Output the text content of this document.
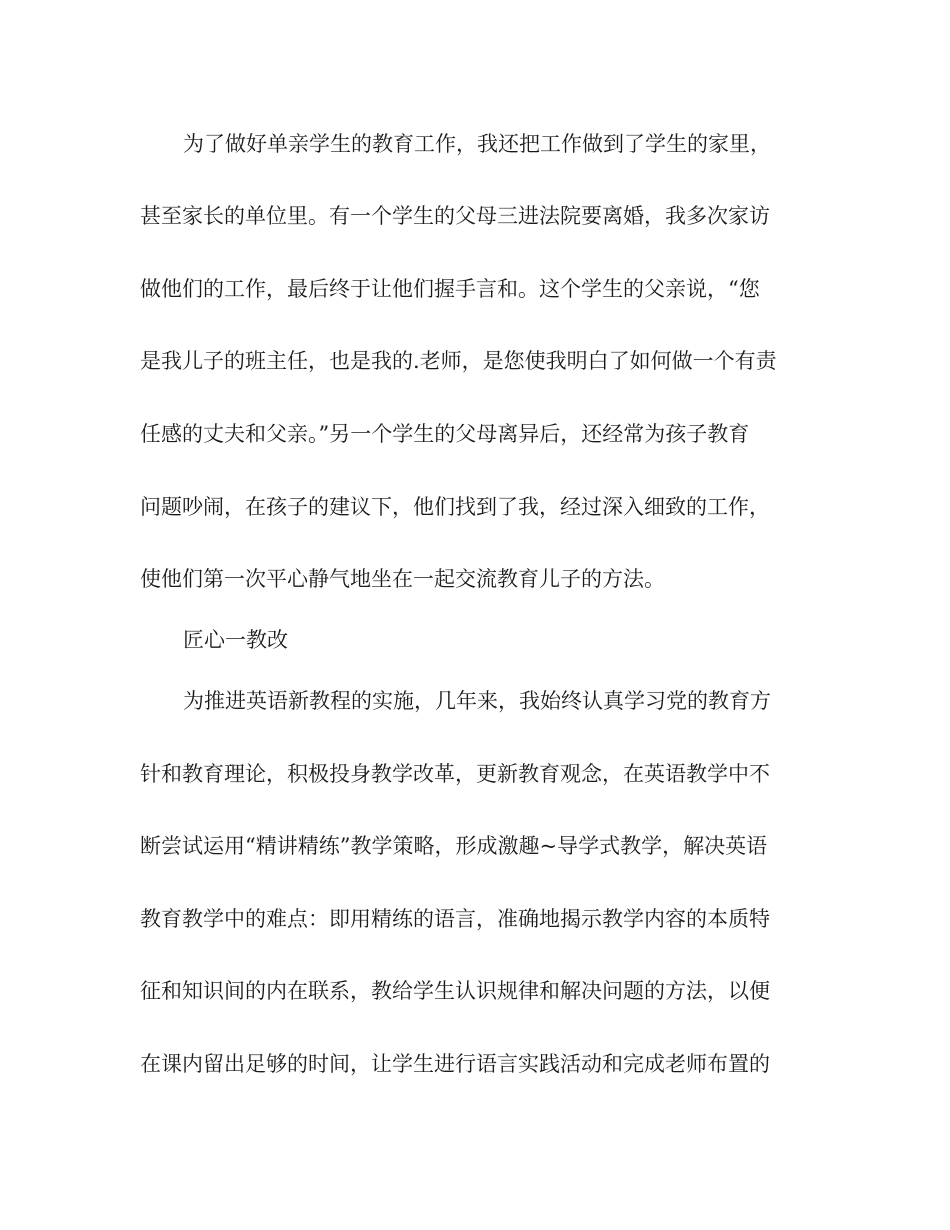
为了做好单亲学生的教育工作，我还把工作做到了学生的家里，
甚至家长的单位里。有一个学生的父母三进法院要离婚，我多次家访
做他们的工作，最后终于让他们握手言和。这个学生的父亲说，“您
是我儿子的班主任，也是我的.老师，是您使我明白了如何做一个有责
任感的丈夫和父亲。”另一个学生的父母离异后，还经常为孩子教育
问题吵闹，在孩子的建议下，他们找到了我，经过深入细致的工作，
使他们第一次平心静气地坐在一起交流教育儿子的方法。
匠心一教改
为推进英语新教程的实施，几年来，我始终认真学习党的教育方
针和教育理论，积极投身教学改革，更新教育观念，在英语教学中不
断尝试运用“精讲精练”教学策略，形成激趣~导学式教学，解决英语
教育教学中的难点：即用精练的语言，准确地揭示教学内容的本质特
征和知识间的内在联系，教给学生认识规律和解决问题的方法，以便
在课内留出足够的时间，让学生进行语言实践活动和完成老师布置的
